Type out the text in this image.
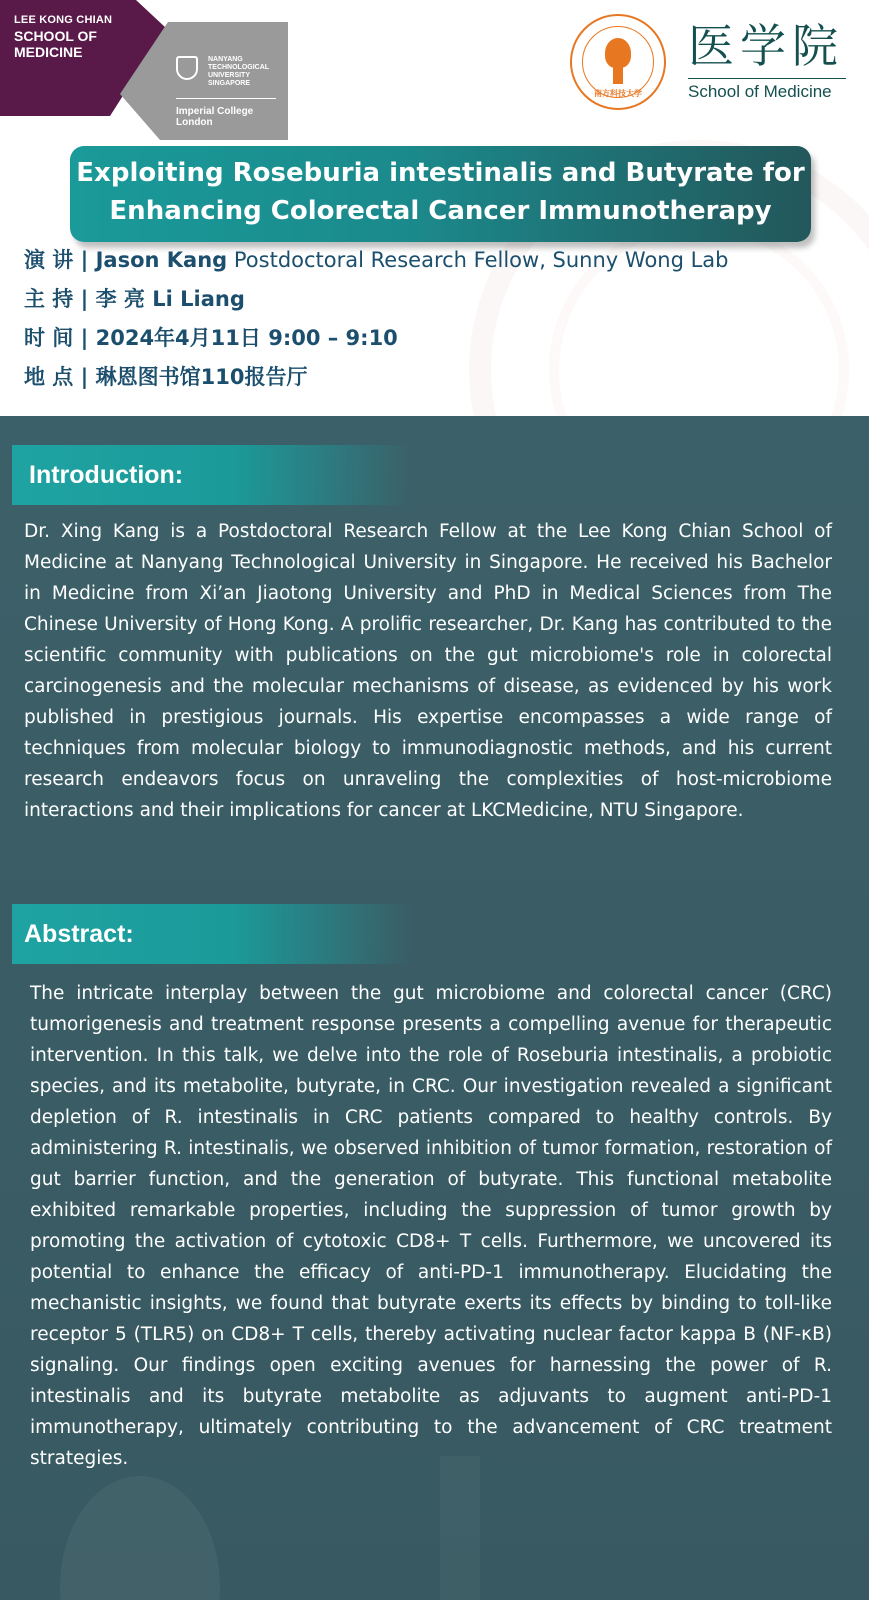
LEE KONG CHIAN
SCHOOL OF
MEDICINE	NANYANG
TECHNOLOGICAL
UNIVERSITY
SINGAPORE
Imperial College
London
南方科技大学
医学院
School of Medicine
Exploiting Roseburia intestinalis and Butyrate for
Enhancing Colorectal Cancer Immunotherapy
演 讲 | Jason Kang Postdoctoral Research Fellow, Sunny Wong Lab
主 持 | 李 亮 Li Liang
时 间 | 2024年4月11日 9:00 – 9:10
地 点 | 琳恩图书馆110报告厅
Introduction:

Dr. Xing Kang is a Postdoctoral Research Fellow at the Lee Kong Chian School of Medicine at Nanyang Technological University in Singapore. He received his Bachelor in Medicine from Xi’an Jiaotong University and PhD in Medical Sciences from The Chinese University of Hong Kong. A prolific researcher, Dr. Kang has contributed to the scientific community with publications on the gut microbiome's role in colorectal carcinogenesis and the molecular mechanisms of disease, as evidenced by his work published in prestigious journals. His expertise encompasses a wide range of techniques from molecular biology to immunodiagnostic methods, and his current research endeavors focus on unraveling the complexities of host-microbiome interactions and their implications for cancer at LKCMedicine, NTU Singapore.

Abstract:

The intricate interplay between the gut microbiome and colorectal cancer (CRC) tumorigenesis and treatment response presents a compelling avenue for therapeutic intervention. In this talk, we delve into the role of Roseburia intestinalis, a probiotic species, and its metabolite, butyrate, in CRC. Our investigation revealed a significant depletion of R. intestinalis in CRC patients compared to healthy controls. By administering R. intestinalis, we observed inhibition of tumor formation, restoration of gut barrier function, and the generation of butyrate. This functional metabolite exhibited remarkable properties, including the suppression of tumor growth by promoting the activation of cytotoxic CD8+ T cells. Furthermore, we uncovered its potential to enhance the efficacy of anti-PD-1 immunotherapy. Elucidating the mechanistic insights, we found that butyrate exerts its effects by binding to toll-like receptor 5 (TLR5) on CD8+ T cells, thereby activating nuclear factor kappa B (NF-κB) signaling. Our findings open exciting avenues for harnessing the power of R. intestinalis and its butyrate metabolite as adjuvants to augment anti-PD-1 immunotherapy, ultimately contributing to the advancement of CRC treatment strategies.
